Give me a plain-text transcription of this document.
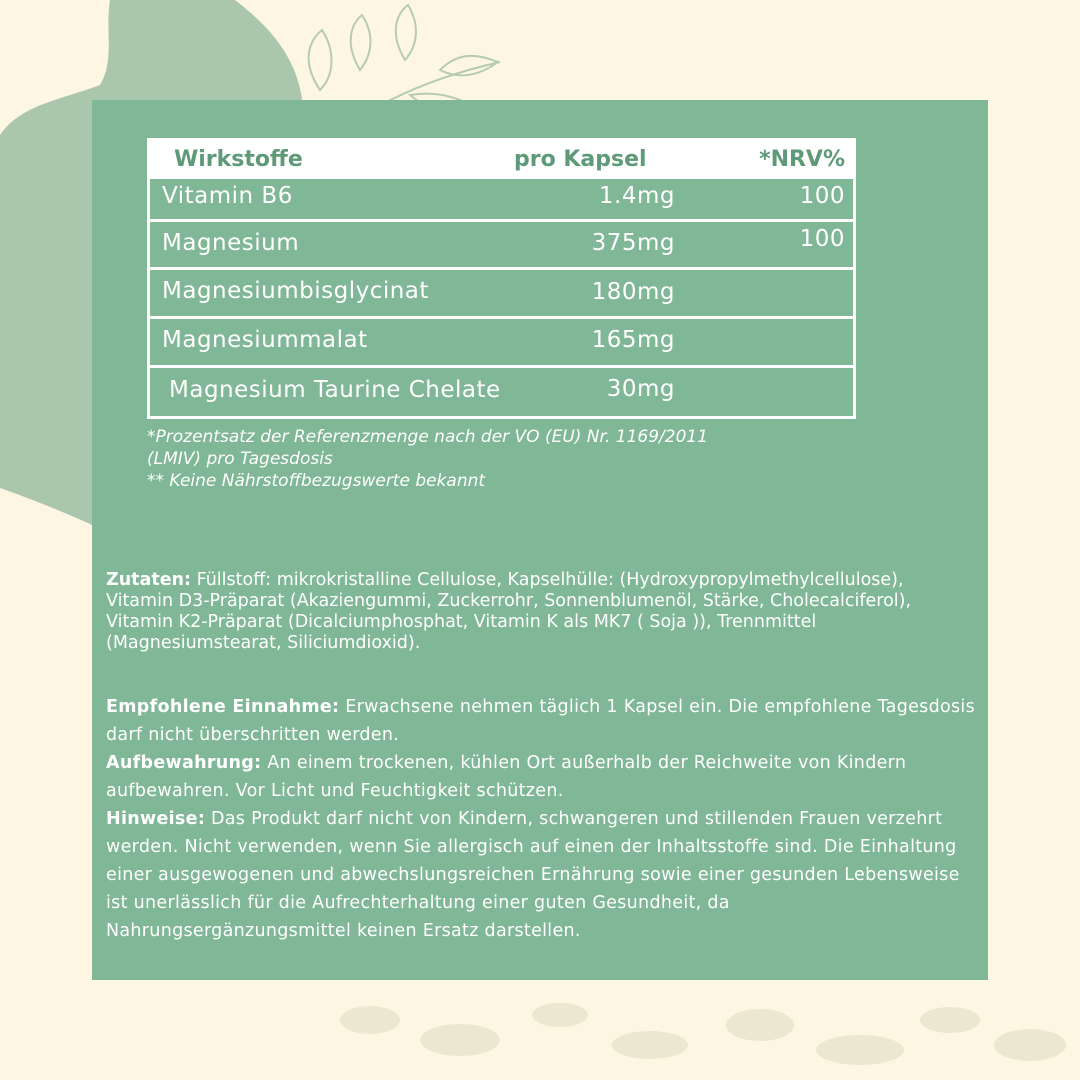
Wirkstoffe	pro Kapsel	*NRV%
Vitamin B6	1.4mg	100
Magnesium	375mg	100
Magnesiumbisglycinat	180mg
Magnesiummalat	165mg
Magnesium Taurine Chelate	30mg
*Prozentsatz der Referenzmenge nach der VO (EU) Nr. 1169/2011
(LMIV) pro Tagesdosis
** Keine Nährstoffbezugswerte bekannt
Zutaten: Füllstoff: mikrokristalline Cellulose, Kapselhülle: (Hydroxypropylmethylcellulose), Vitamin D3-Präparat (Akaziengummi, Zuckerrohr, Sonnenblumenöl, Stärke, Cholecalciferol), Vitamin K2-Präparat (Dicalciumphosphat, Vitamin K als MK7 ( Soja )), Trennmittel (Magnesiumstearat, Siliciumdioxid).

Empfohlene Einnahme: Erwachsene nehmen täglich 1 Kapsel ein. Die empfohlene Tagesdosis darf nicht überschritten werden.

Aufbewahrung: An einem trockenen, kühlen Ort außerhalb der Reichweite von Kindern aufbewahren. Vor Licht und Feuchtigkeit schützen.

Hinweise: Das Produkt darf nicht von Kindern, schwangeren und stillenden Frauen verzehrt werden. Nicht verwenden, wenn Sie allergisch auf einen der Inhaltsstoffe sind. Die Einhaltung einer ausgewogenen und abwechslungsreichen Ernährung sowie einer gesunden Lebensweise ist unerlässlich für die Aufrechterhaltung einer guten Gesundheit, da Nahrungsergänzungsmittel keinen Ersatz darstellen.
